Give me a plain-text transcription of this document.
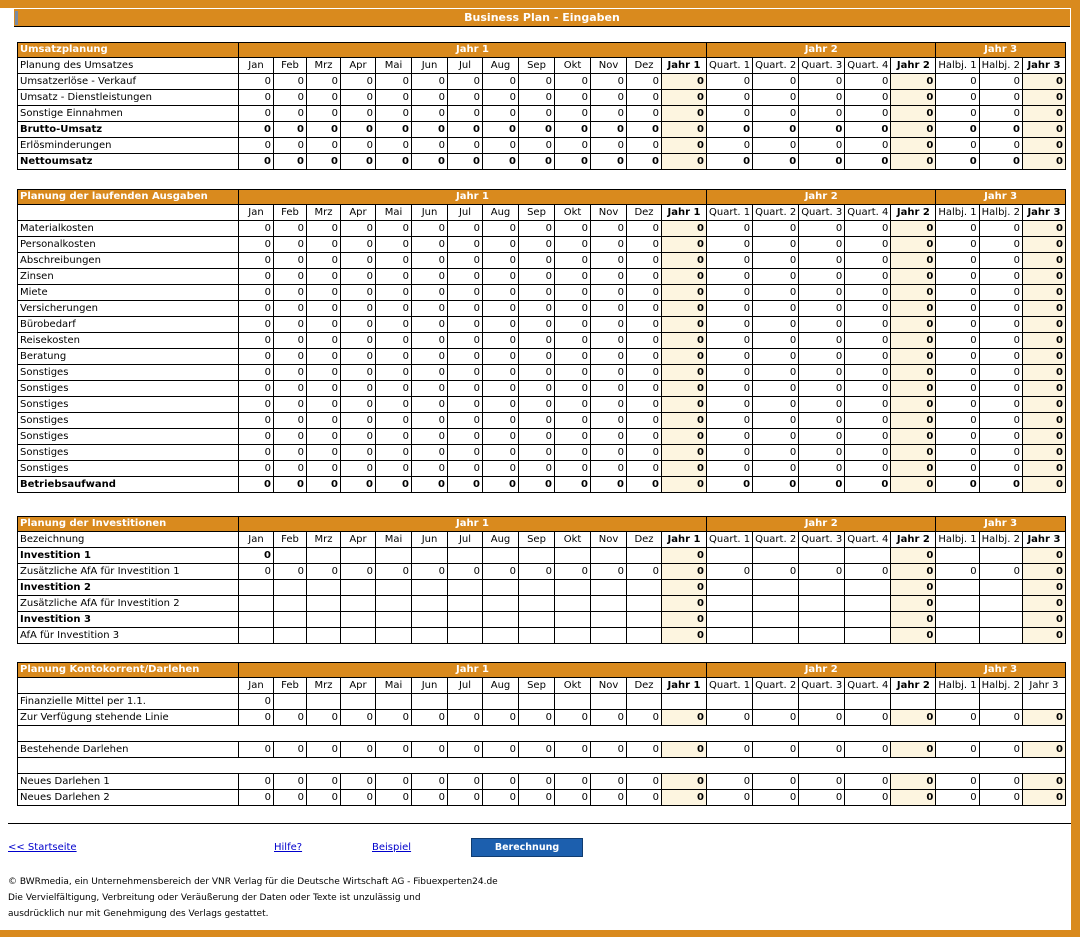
Business Plan - Eingaben
Umsatzplanung	Jahr 1													Jahr 2					Jahr 3		
Planung des Umsatzes	Jan	Feb	Mrz	Apr	Mai	Jun	Jul	Aug	Sep	Okt	Nov	Dez	Jahr 1	Quart. 1	Quart. 2	Quart. 3	Quart. 4	Jahr 2	Halbj. 1	Halbj. 2	Jahr 3
Umsatzerlöse - Verkauf	0	0	0	0	0	0	0	0	0	0	0	0	0	0	0	0	0	0	0	0	0
Umsatz - Dienstleistungen	0	0	0	0	0	0	0	0	0	0	0	0	0	0	0	0	0	0	0	0	0
Sonstige Einnahmen	0	0	0	0	0	0	0	0	0	0	0	0	0	0	0	0	0	0	0	0	0
Brutto-Umsatz	0	0	0	0	0	0	0	0	0	0	0	0	0	0	0	0	0	0	0	0	0
Erlösminderungen	0	0	0	0	0	0	0	0	0	0	0	0	0	0	0	0	0	0	0	0	0
Nettoumsatz	0	0	0	0	0	0	0	0	0	0	0	0	0	0	0	0	0	0	0	0	0
Planung der laufenden Ausgaben	Jahr 1													Jahr 2					Jahr 3		
	Jan	Feb	Mrz	Apr	Mai	Jun	Jul	Aug	Sep	Okt	Nov	Dez	Jahr 1	Quart. 1	Quart. 2	Quart. 3	Quart. 4	Jahr 2	Halbj. 1	Halbj. 2	Jahr 3
Materialkosten	0	0	0	0	0	0	0	0	0	0	0	0	0	0	0	0	0	0	0	0	0
Personalkosten	0	0	0	0	0	0	0	0	0	0	0	0	0	0	0	0	0	0	0	0	0
Abschreibungen	0	0	0	0	0	0	0	0	0	0	0	0	0	0	0	0	0	0	0	0	0
Zinsen	0	0	0	0	0	0	0	0	0	0	0	0	0	0	0	0	0	0	0	0	0
Miete	0	0	0	0	0	0	0	0	0	0	0	0	0	0	0	0	0	0	0	0	0
Versicherungen	0	0	0	0	0	0	0	0	0	0	0	0	0	0	0	0	0	0	0	0	0
Bürobedarf	0	0	0	0	0	0	0	0	0	0	0	0	0	0	0	0	0	0	0	0	0
Reisekosten	0	0	0	0	0	0	0	0	0	0	0	0	0	0	0	0	0	0	0	0	0
Beratung	0	0	0	0	0	0	0	0	0	0	0	0	0	0	0	0	0	0	0	0	0
Sonstiges	0	0	0	0	0	0	0	0	0	0	0	0	0	0	0	0	0	0	0	0	0
Sonstiges	0	0	0	0	0	0	0	0	0	0	0	0	0	0	0	0	0	0	0	0	0
Sonstiges	0	0	0	0	0	0	0	0	0	0	0	0	0	0	0	0	0	0	0	0	0
Sonstiges	0	0	0	0	0	0	0	0	0	0	0	0	0	0	0	0	0	0	0	0	0
Sonstiges	0	0	0	0	0	0	0	0	0	0	0	0	0	0	0	0	0	0	0	0	0
Sonstiges	0	0	0	0	0	0	0	0	0	0	0	0	0	0	0	0	0	0	0	0	0
Sonstiges	0	0	0	0	0	0	0	0	0	0	0	0	0	0	0	0	0	0	0	0	0
Betriebsaufwand	0	0	0	0	0	0	0	0	0	0	0	0	0	0	0	0	0	0	0	0	0
Planung der Investitionen	Jahr 1													Jahr 2					Jahr 3		
Bezeichnung	Jan	Feb	Mrz	Apr	Mai	Jun	Jul	Aug	Sep	Okt	Nov	Dez	Jahr 1	Quart. 1	Quart. 2	Quart. 3	Quart. 4	Jahr 2	Halbj. 1	Halbj. 2	Jahr 3
Investition 1	0												0					0			0
Zusätzliche AfA für Investition 1	0	0	0	0	0	0	0	0	0	0	0	0	0	0	0	0	0	0	0	0	0
Investition 2													0					0			0
Zusätzliche AfA für Investition 2													0					0			0
Investition 3													0					0			0
AfA für Investition 3													0					0			0
Planung Kontokorrent/Darlehen	Jahr 1													Jahr 2					Jahr 3		
	Jan	Feb	Mrz	Apr	Mai	Jun	Jul	Aug	Sep	Okt	Nov	Dez	Jahr 1	Quart. 1	Quart. 2	Quart. 3	Quart. 4	Jahr 2	Halbj. 1	Halbj. 2	Jahr 3
Finanzielle Mittel per 1.1.	0																				
Zur Verfügung stehende Linie	0	0	0	0	0	0	0	0	0	0	0	0	0	0	0	0	0	0	0	0	0

Bestehende Darlehen	0	0	0	0	0	0	0	0	0	0	0	0	0	0	0	0	0	0	0	0	0

Neues Darlehen 1	0	0	0	0	0	0	0	0	0	0	0	0	0	0	0	0	0	0	0	0	0
Neues Darlehen 2	0	0	0	0	0	0	0	0	0	0	0	0	0	0	0	0	0	0	0	0	0
<< Startseite	Hilfe?	Beispiel	Berechnung
© BWRmedia, ein Unternehmensbereich der VNR Verlag für die Deutsche Wirtschaft AG - Fibuexperten24.de
Die Vervielfältigung, Verbreitung oder Veräußerung der Daten oder Texte ist unzulässig und
ausdrücklich nur mit Genehmigung des Verlags gestattet.
